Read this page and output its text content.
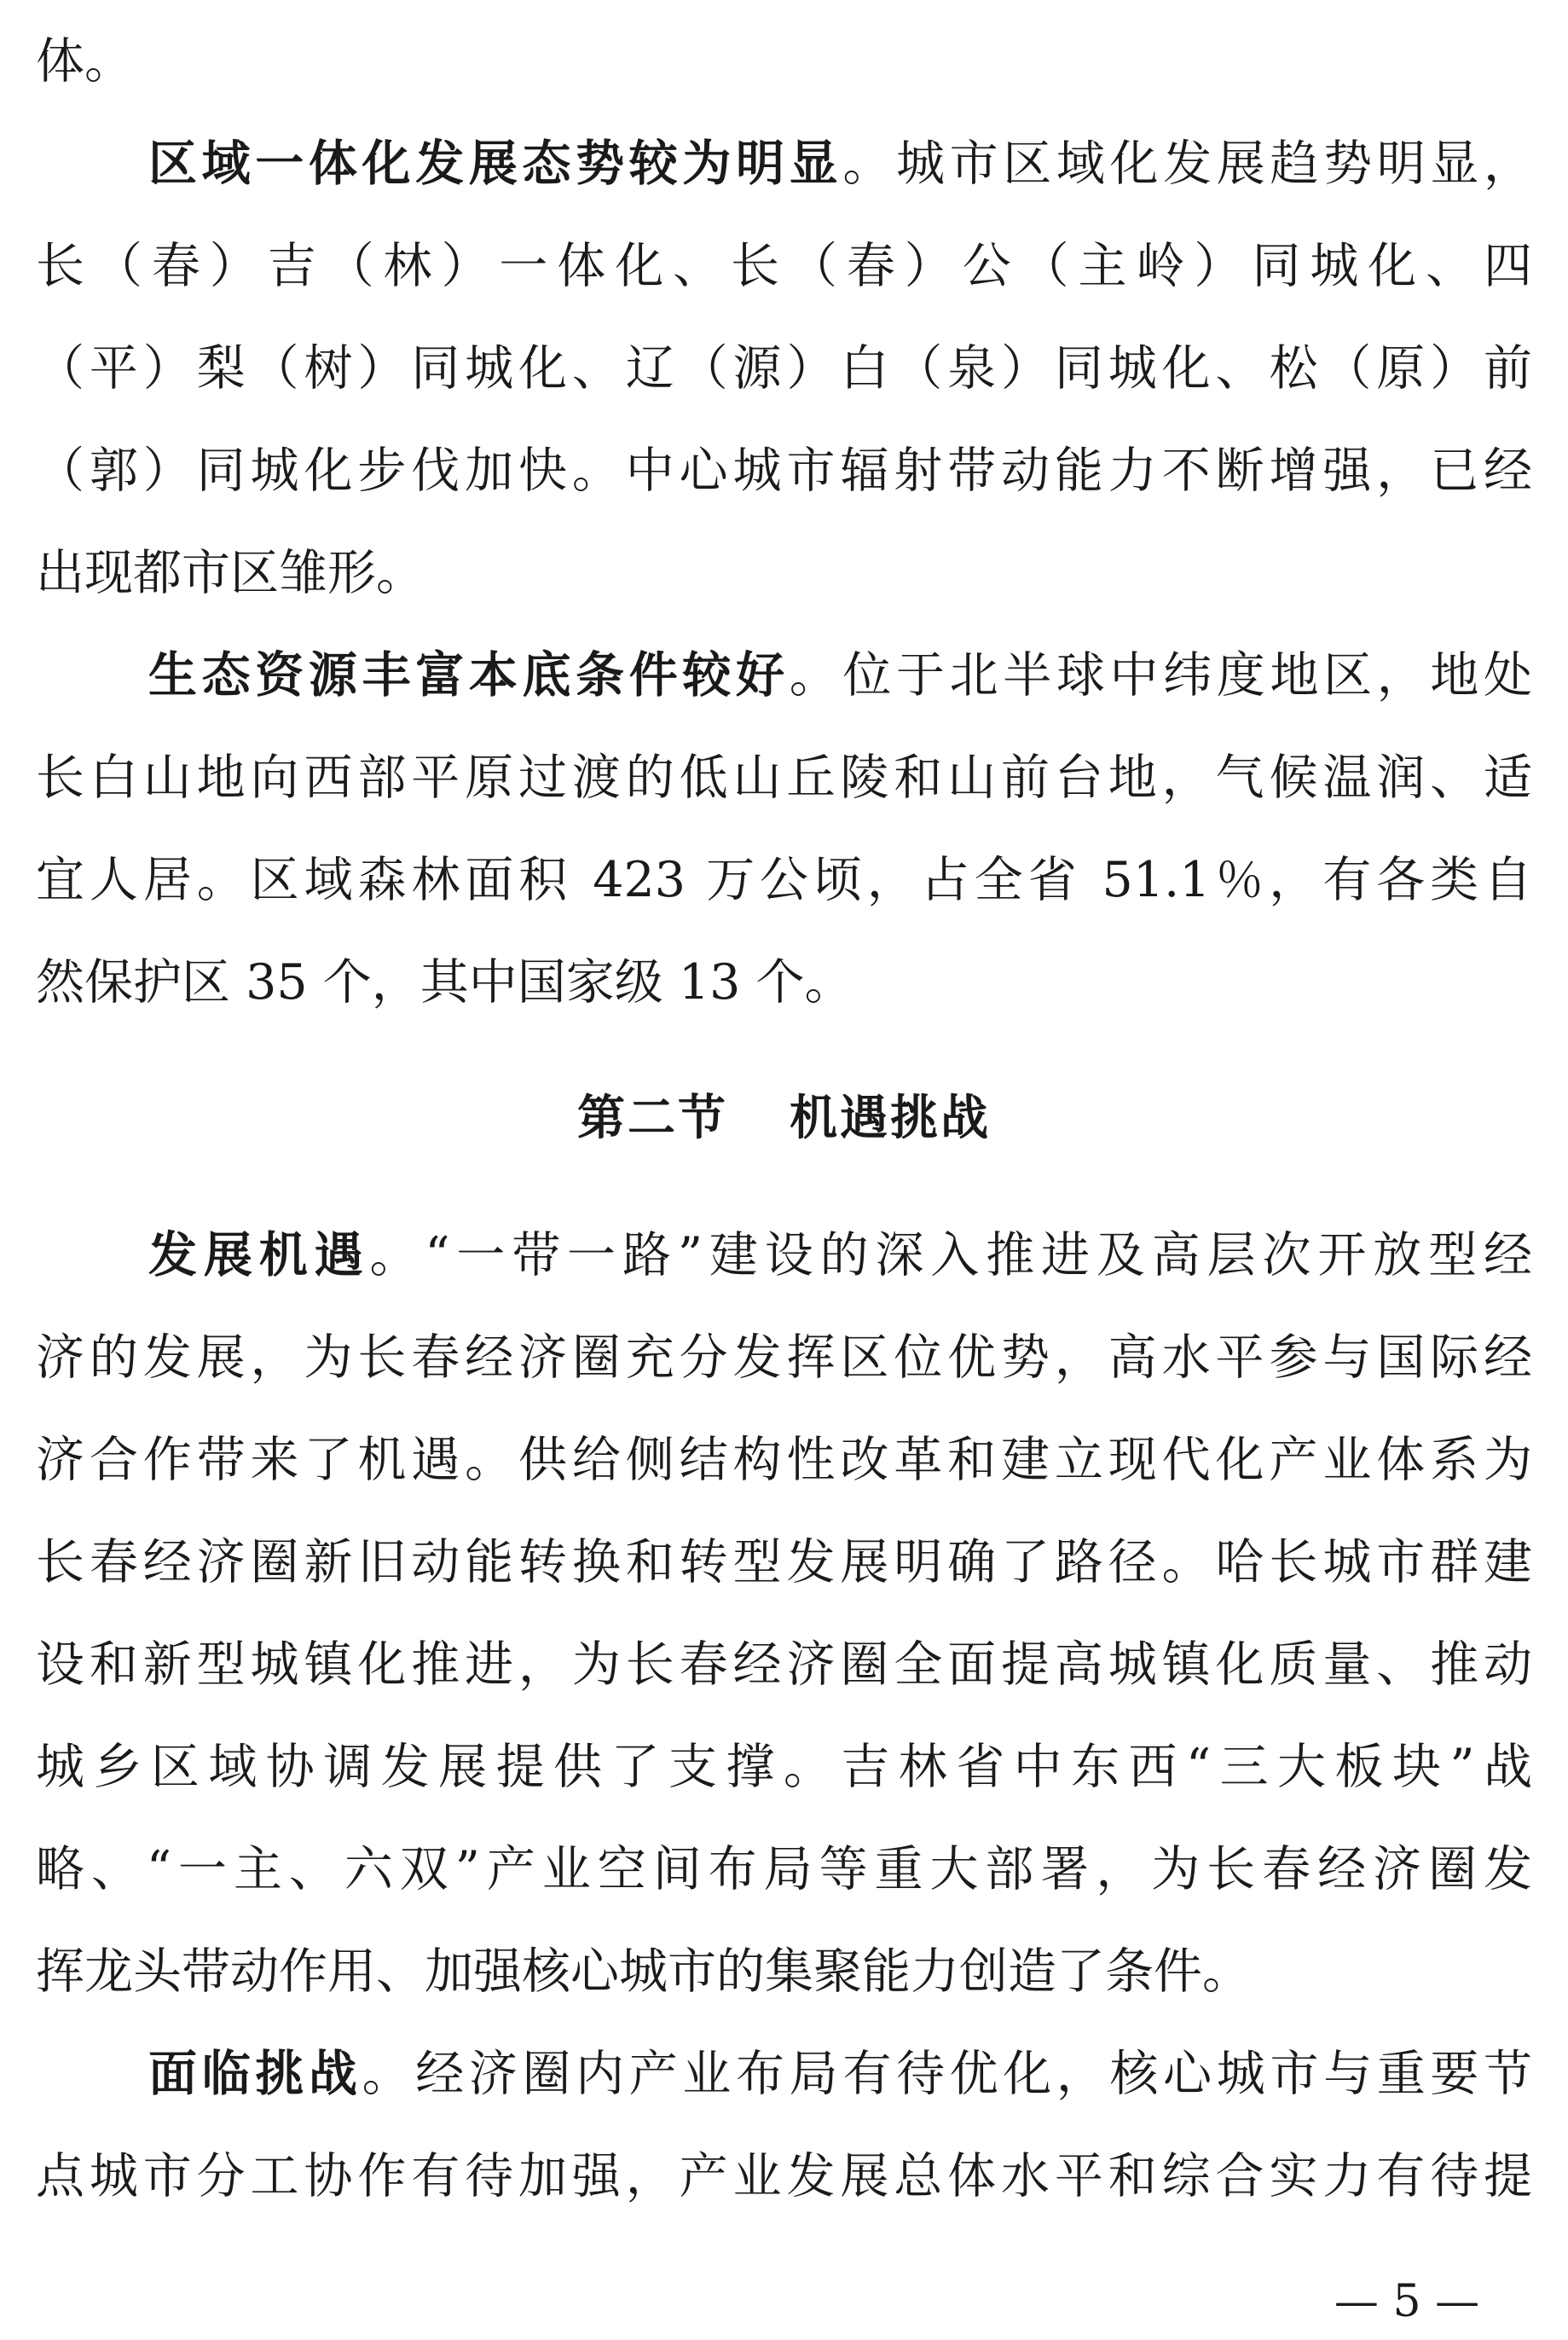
体。
区域一体化发展态势较为明显。城市区域化发展趋势明显，
长（春）吉（林）一体化、长（春）公（主岭）同城化、四
（平）梨（树）同城化、辽（源）白（泉）同城化、松（原）前
（郭）同城化步伐加快。中心城市辐射带动能力不断增强，已经
出现都市区雏形。
生态资源丰富本底条件较好。位于北半球中纬度地区，地处
长白山地向西部平原过渡的低山丘陵和山前台地，气候温润、适
宜人居。区域森林面积 423 万公顷，占全省 51.1％，有各类自
然保护区 35 个，其中国家级 13 个。
发展机遇。“一带一路”建设的深入推进及高层次开放型经
济的发展，为长春经济圈充分发挥区位优势，高水平参与国际经
济合作带来了机遇。供给侧结构性改革和建立现代化产业体系为
长春经济圈新旧动能转换和转型发展明确了路径。哈长城市群建
设和新型城镇化推进，为长春经济圈全面提高城镇化质量、推动
城乡区域协调发展提供了支撑。吉林省中东西“三大板块”战
略、“一主、六双”产业空间布局等重大部署，为长春经济圈发
挥龙头带动作用、加强核心城市的集聚能力创造了条件。
面临挑战。经济圈内产业布局有待优化，核心城市与重要节
点城市分工协作有待加强，产业发展总体水平和综合实力有待提
第二节 机遇挑战
— 5 —
